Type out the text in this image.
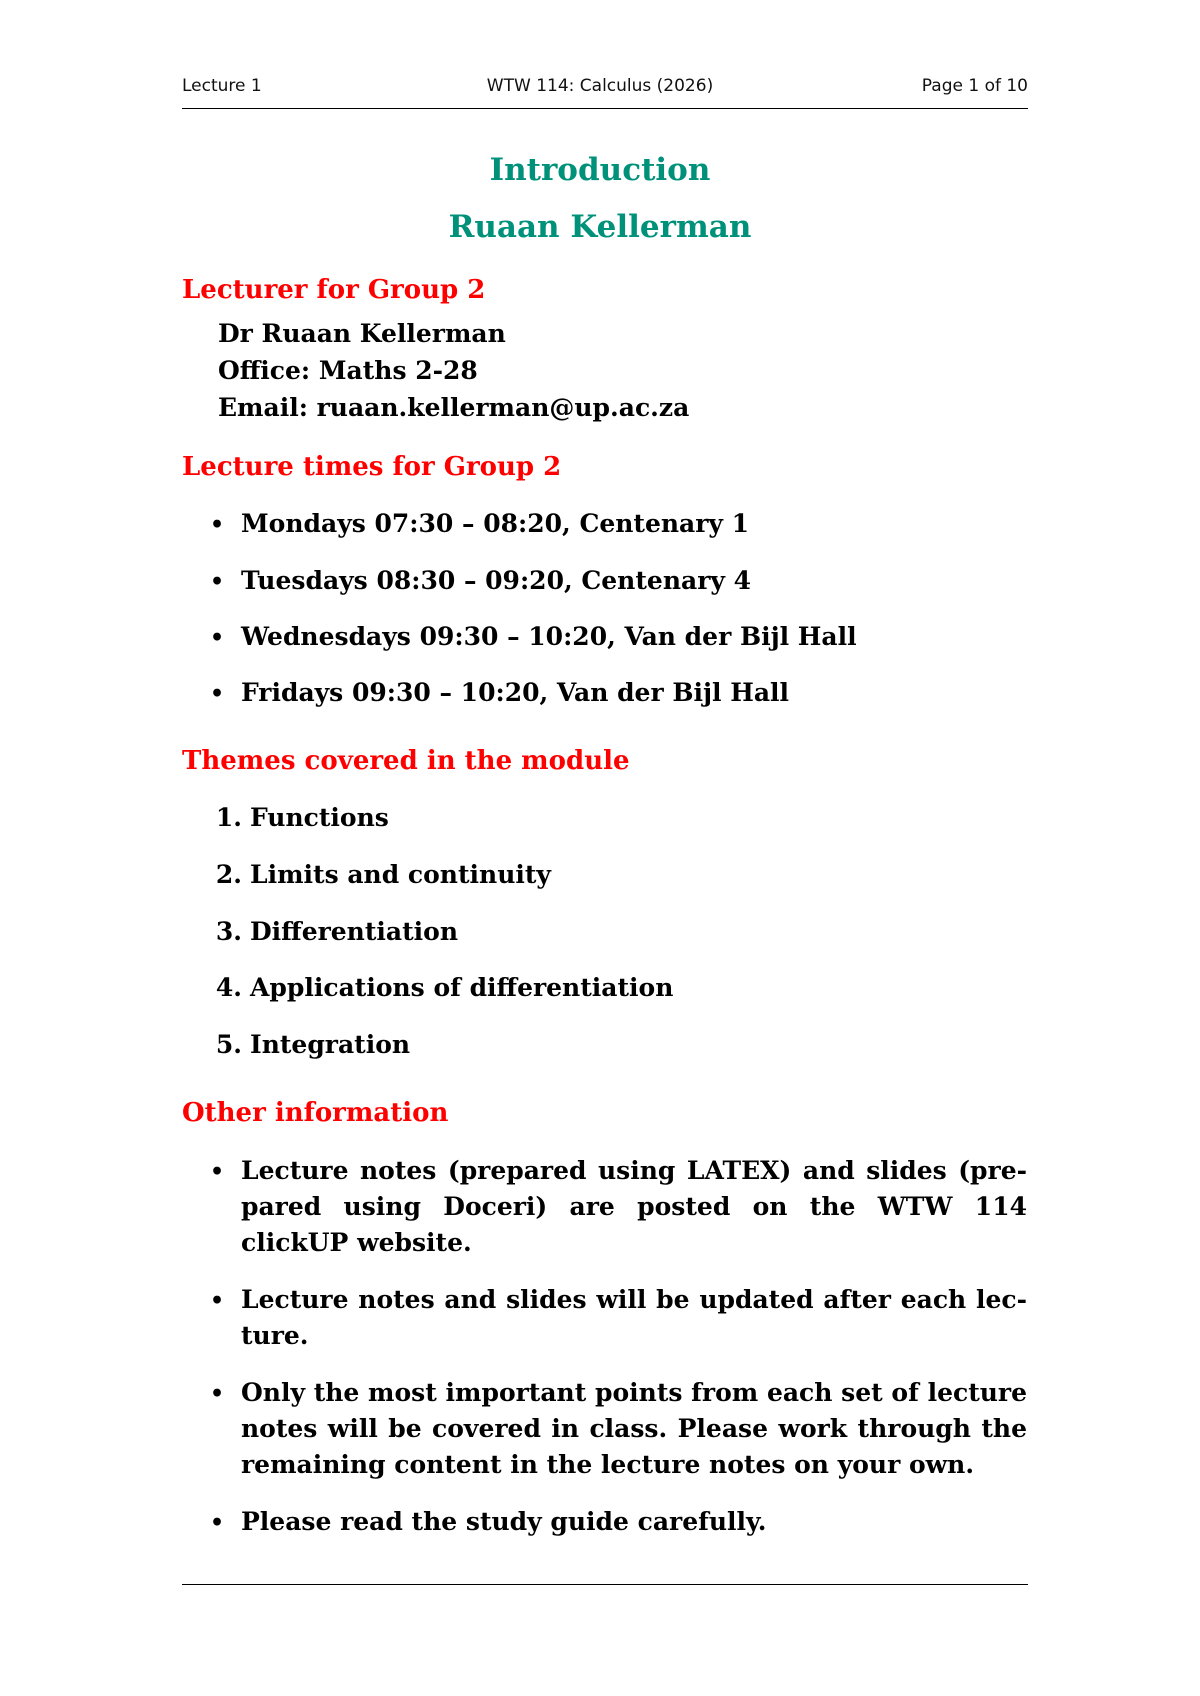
Lecture 1	WTW 114: Calculus (2026)	Page 1 of 10
Introduction
Ruaan Kellerman
Lecturer for Group 2
Dr Ruaan Kellerman
Office: Maths 2-28
Email: ruaan.kellerman@up.ac.za
Lecture times for Group 2
• Mondays 07:30 – 08:20, Centenary 1
• Tuesdays 08:30 – 09:20, Centenary 4
• Wednesdays 09:30 – 10:20, Van der Bijl Hall
• Fridays 09:30 – 10:20, Van der Bijl Hall
Themes covered in the module
1. Functions
2. Limits and continuity
3. Differentiation
4. Applications of differentiation
5. Integration
Other information
• Lecture notes (prepared using LATEX) and slides (pre-
pared using Doceri) are posted on the WTW 114
clickUP website.
• Lecture notes and slides will be updated after each lec-
ture.
• Only the most important points from each set of lecture
notes will be covered in class. Please work through the
remaining content in the lecture notes on your own.
• Please read the study guide carefully.
